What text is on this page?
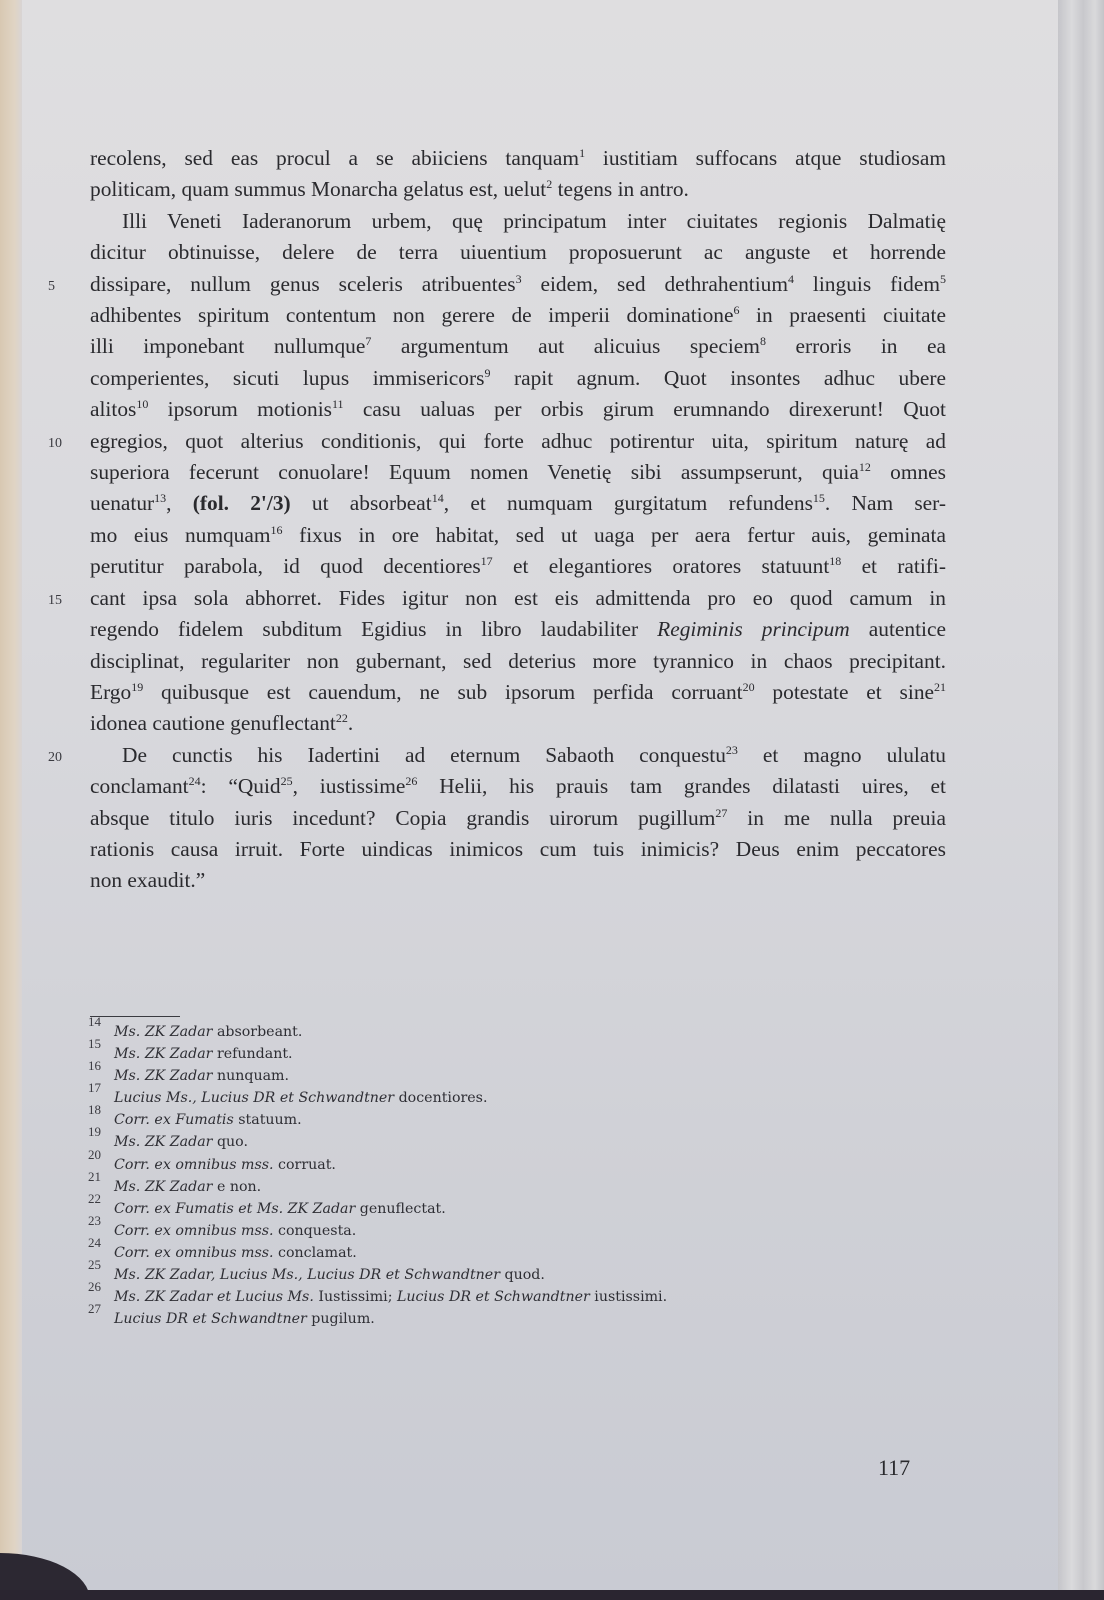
recolens, sed eas procul a se abiiciens tanquam$^1$ iustitiam suffocans atque studiosam
politicam, quam summus Monarcha gelatus est, uelut$^2$ tegens in antro.
Illi Veneti Iaderanorum urbem, quę principatum inter ciuitates regionis Dalmatię
dicitur obtinuisse, delere de terra uiuentium proposuerunt ac anguste et horrende
5	dissipare, nullum genus sceleris atribuentes$^3$ eidem, sed dethrahentium$^4$ linguis fidem$^5$
adhibentes spiritum contentum non gerere de imperii dominatione$^6$ in praesenti ciuitate
illi imponebant nullumque$^7$ argumentum aut alicuius speciem$^8$ erroris in ea
comperientes, sicuti lupus immisericors$^9$ rapit agnum. Quot insontes adhuc ubere
alitos$^{10}$ ipsorum motionis$^{11}$ casu ualuas per orbis girum erumnando direxerunt! Quot
10 egregios, quot alterius conditionis, qui forte adhuc potirentur uita, spiritum naturę ad
superiora fecerunt conuolare! Equum nomen Venetię sibi assumpserunt, quia$^{12}$ omnes
uenatur$^{13}$, (fol. 2'/3) ut absorbeat$^{14}$, et numquam gurgitatum refundens$^{15}$. Nam ser-
mo eius numquam$^{16}$ fixus in ore habitat, sed ut uaga per aera fertur auis, geminata
perutitur parabola, id quod decentiores$^{17}$ et elegantiores oratores statuunt$^{18}$ et ratifi-
15 cant ipsa sola abhorret. Fides igitur non est eis admittenda pro eo quod camum in
regendo fidelem subditum Egidius in libro laudabiliter Regiminis principum autentice
disciplinat, regulariter non gubernant, sed deterius more tyrannico in chaos precipitant.
Ergo$^{19}$ quibusque est cauendum, ne sub ipsorum perfida corruant$^{20}$ potestate et sine$^{21}$
idonea cautione genuflectant$^{22}$.
20	De cunctis his Iadertini ad eternum Sabaoth conquestu$^{23}$ et magno ululatu
conclamant$^{24}$: “Quid$^{25}$, iustissime$^{26}$ Helii, his prauis tam grandes dilatasti uires, et
absque titulo iuris incedunt? Copia grandis uirorum pugillum$^{27}$ in me nulla preuia
rationis causa irruit. Forte uindicas inimicos cum tuis inimicis? Deus enim peccatores
non exaudit.”
14
Ms. ZK Zadar absorbeant.
15
Ms. ZK Zadar refundant.
16
Ms. ZK Zadar nunquam.
17
Lucius Ms., Lucius DR et Schwandtner docentiores.
18
Corr. ex Fumatis statuum.
19
Ms. ZK Zadar quo.
20
Corr. ex omnibus mss. corruat.
21
Ms. ZK Zadar e non.
22
Corr. ex Fumatis et Ms. ZK Zadar genuflectat.
23
Corr. ex omnibus mss. conquesta.
24
Corr. ex omnibus mss. conclamat.
25
Ms. ZK Zadar, Lucius Ms., Lucius DR et Schwandtner quod.
26
Ms. ZK Zadar et Lucius Ms. Iustissimi; Lucius DR et Schwandtner iustissimi.
27
Lucius DR et Schwandtner pugilum.
117
